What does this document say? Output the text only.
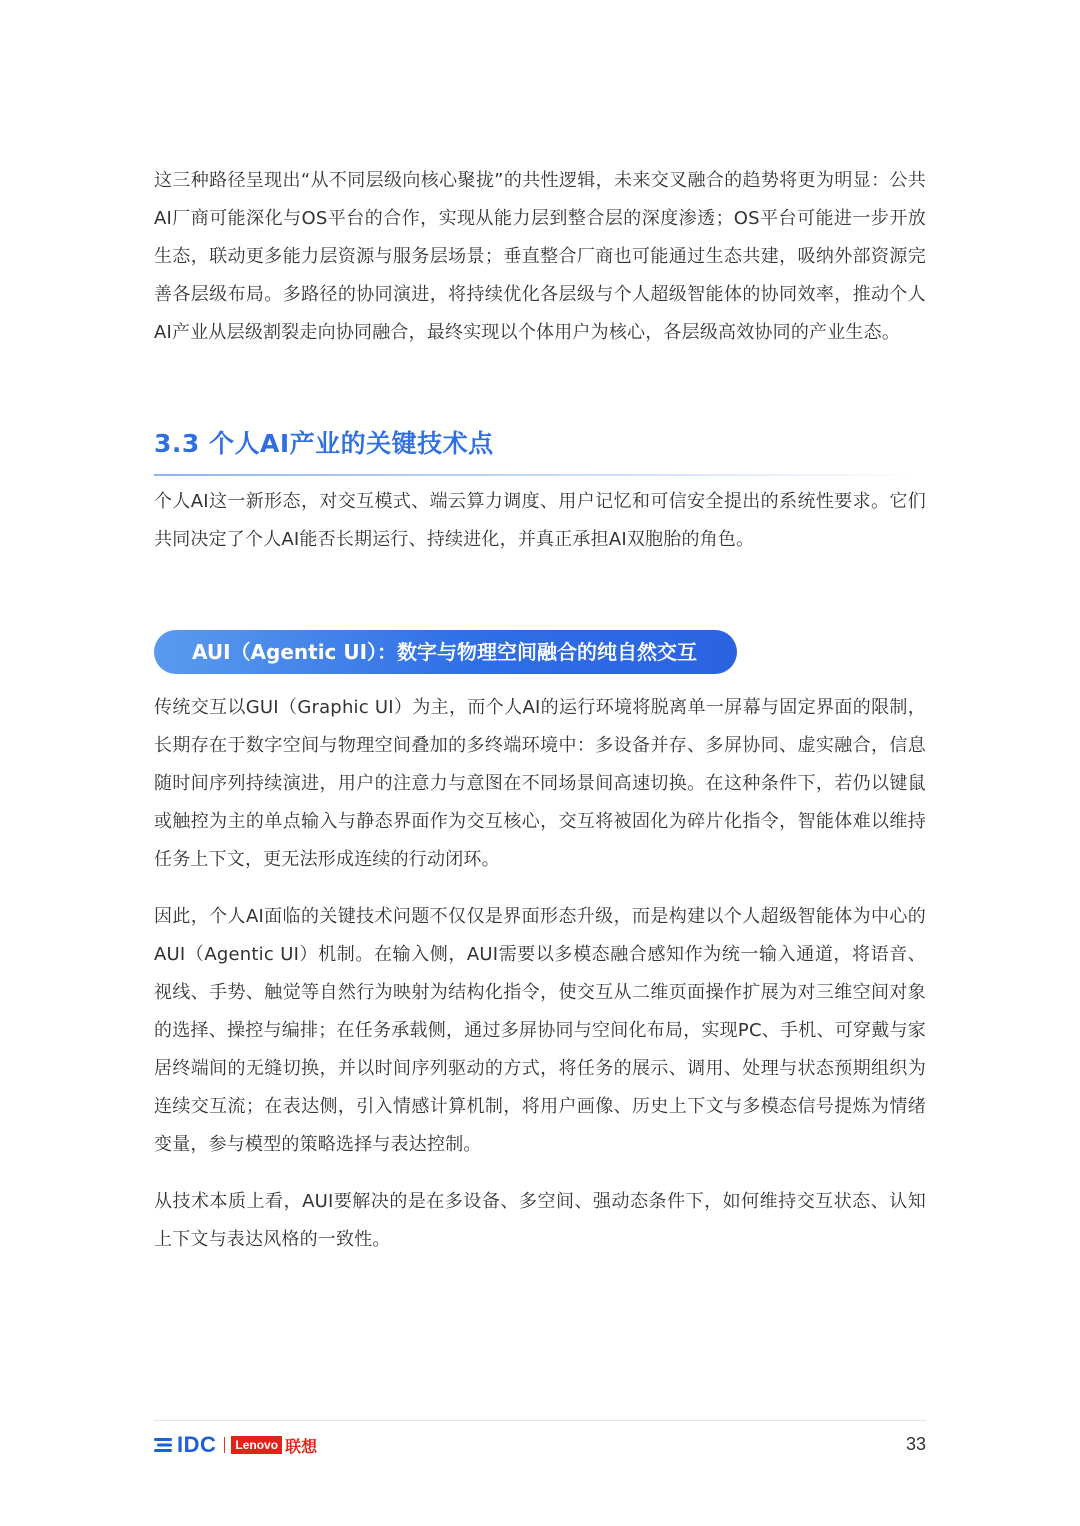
这三种路径呈现出“从不同层级向核心聚拢”的共性逻辑，未来交叉融合的趋势将更为明显：公共AI厂商可能深化与OS平台的合作，实现从能力层到整合层的深度渗透；OS平台可能进一步开放生态，联动更多能力层资源与服务层场景；垂直整合厂商也可能通过生态共建，吸纳外部资源完善各层级布局。多路径的协同演进，将持续优化各层级与个人超级智能体的协同效率，推动个人AI产业从层级割裂走向协同融合，最终实现以个体用户为核心，各层级高效协同的产业生态。
3.3 个人AI产业的关键技术点
个人AI这一新形态，对交互模式、端云算力调度、用户记忆和可信安全提出的系统性要求。它们共同决定了个人AI能否长期运行、持续进化，并真正承担AI双胞胎的角色。
AUI（Agentic UI）：数字与物理空间融合的纯自然交互
传统交互以GUI（Graphic UI）为主，而个人AI的运行环境将脱离单一屏幕与固定界面的限制，长期存在于数字空间与物理空间叠加的多终端环境中：多设备并存、多屏协同、虚实融合，信息随时间序列持续演进，用户的注意力与意图在不同场景间高速切换。在这种条件下，若仍以键鼠或触控为主的单点输入与静态界面作为交互核心，交互将被固化为碎片化指令，智能体难以维持任务上下文，更无法形成连续的行动闭环。
因此，个人AI面临的关键技术问题不仅仅是界面形态升级，而是构建以个人超级智能体为中心的AUI（Agentic UI）机制。在输入侧，AUI需要以多模态融合感知作为统一输入通道，将语音、视线、手势、触觉等自然行为映射为结构化指令，使交互从二维页面操作扩展为对三维空间对象的选择、操控与编排；在任务承载侧，通过多屏协同与空间化布局，实现PC、手机、可穿戴与家居终端间的无缝切换，并以时间序列驱动的方式，将任务的展示、调用、处理与状态预期组织为连续交互流；在表达侧，引入情感计算机制，将用户画像、历史上下文与多模态信号提炼为情绪变量，参与模型的策略选择与表达控制。
从技术本质上看，AUI要解决的是在多设备、多空间、强动态条件下，如何维持交互状态、认知上下文与表达风格的一致性。
IDC	Lenovo 联想	33
